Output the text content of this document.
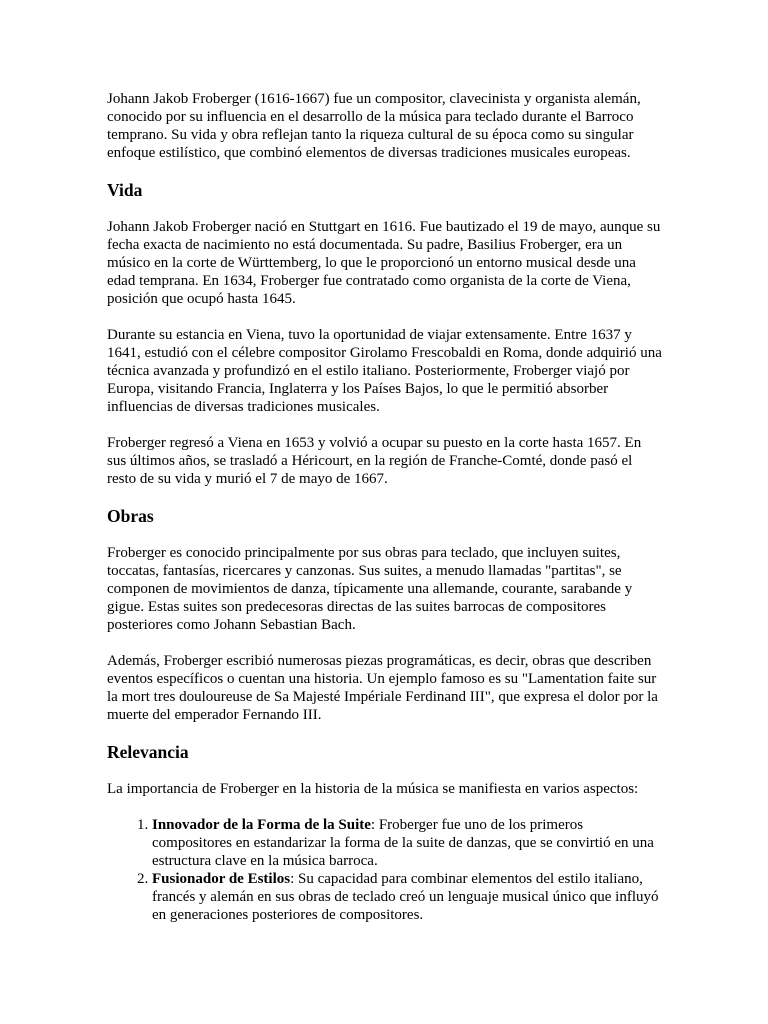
Johann Jakob Froberger (1616-1667) fue un compositor, clavecinista y organista alemán, conocido por su influencia en el desarrollo de la música para teclado durante el Barroco temprano. Su vida y obra reflejan tanto la riqueza cultural de su época como su singular enfoque estilístico, que combinó elementos de diversas tradiciones musicales europeas.

Vida

Johann Jakob Froberger nació en Stuttgart en 1616. Fue bautizado el 19 de mayo, aunque su fecha exacta de nacimiento no está documentada. Su padre, Basilius Froberger, era un músico en la corte de Württemberg, lo que le proporcionó un entorno musical desde una edad temprana. En 1634, Froberger fue contratado como organista de la corte de Viena, posición que ocupó hasta 1645.

Durante su estancia en Viena, tuvo la oportunidad de viajar extensamente. Entre 1637 y 1641, estudió con el célebre compositor Girolamo Frescobaldi en Roma, donde adquirió una técnica avanzada y profundizó en el estilo italiano. Posteriormente, Froberger viajó por Europa, visitando Francia, Inglaterra y los Países Bajos, lo que le permitió absorber influencias de diversas tradiciones musicales.

Froberger regresó a Viena en 1653 y volvió a ocupar su puesto en la corte hasta 1657. En sus últimos años, se trasladó a Héricourt, en la región de Franche-Comté, donde pasó el resto de su vida y murió el 7 de mayo de 1667.

Obras

Froberger es conocido principalmente por sus obras para teclado, que incluyen suites, toccatas, fantasías, ricercares y canzonas. Sus suites, a menudo llamadas "partitas", se componen de movimientos de danza, típicamente una allemande, courante, sarabande y gigue. Estas suites son predecesoras directas de las suites barrocas de compositores posteriores como Johann Sebastian Bach.

Además, Froberger escribió numerosas piezas programáticas, es decir, obras que describen eventos específicos o cuentan una historia. Un ejemplo famoso es su "Lamentation faite sur la mort tres douloureuse de Sa Majesté Impériale Ferdinand III", que expresa el dolor por la muerte del emperador Fernando III.

Relevancia

La importancia de Froberger en la historia de la música se manifiesta en varios aspectos:

1. Innovador de la Forma de la Suite: Froberger fue uno de los primeros compositores en estandarizar la forma de la suite de danzas, que se convirtió en una estructura clave en la música barroca.
2. Fusionador de Estilos: Su capacidad para combinar elementos del estilo italiano, francés y alemán en sus obras de teclado creó un lenguaje musical único que influyó en generaciones posteriores de compositores.
